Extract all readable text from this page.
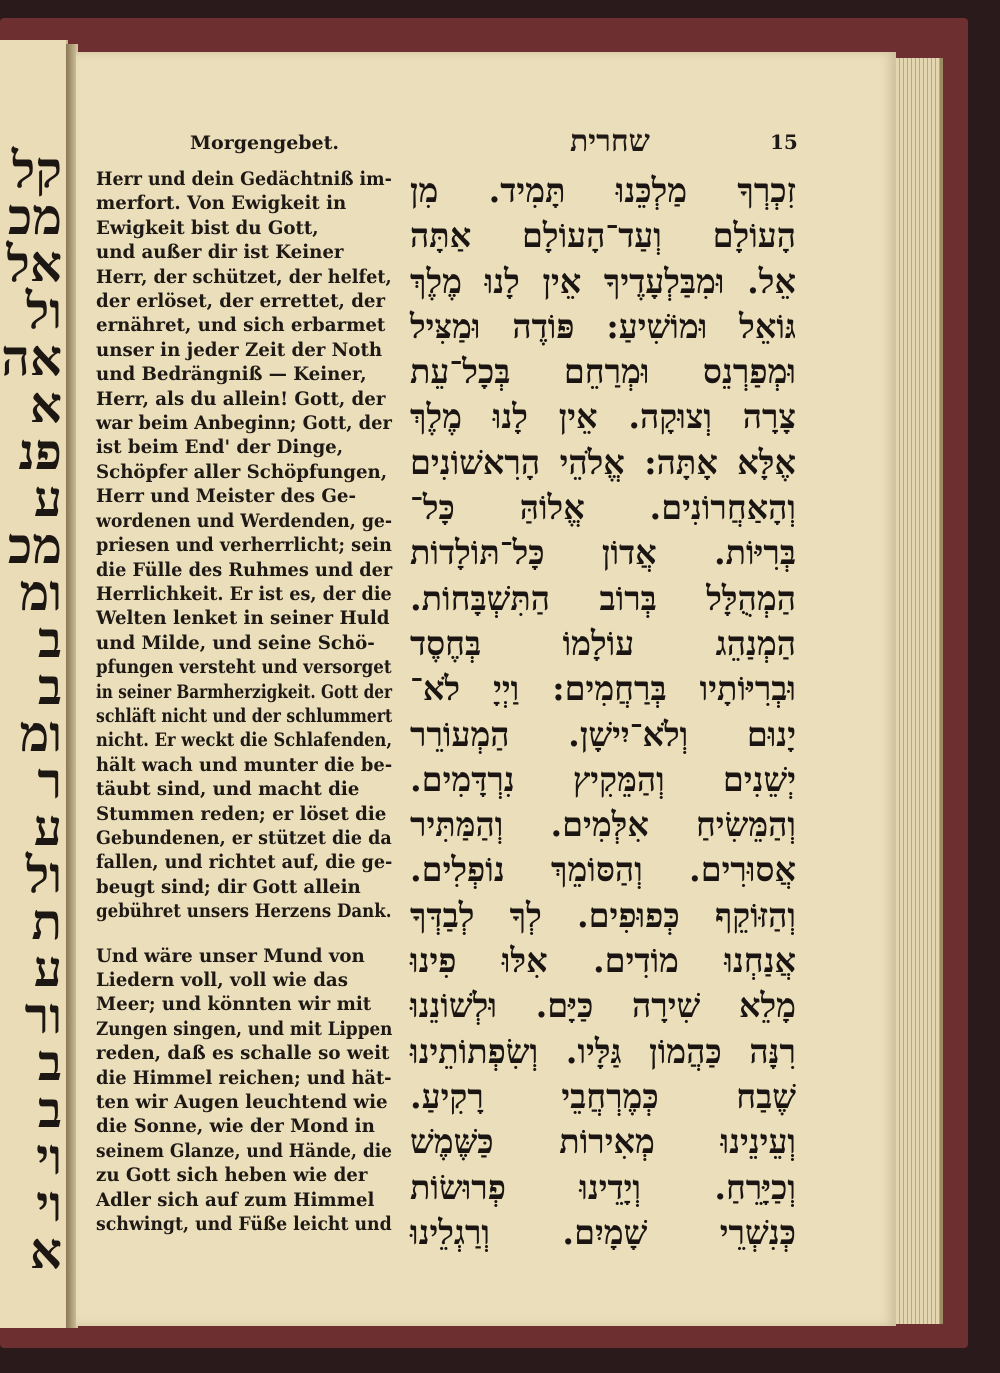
קל
מכ
אל
ול
אה
א
פנ
ע
מכ
ומ
ב
ב
ומ
ר
ע
ול
ת
ע
ור
ב
ב
וי
וי
א
Morgengebet.	שחרית	15

Herr und dein Gedächtniß im-

merfort. Von Ewigkeit in

Ewigkeit bist du Gott,

und außer dir ist Keiner

Herr, der schützet, der helfet,

der erlöset, der errettet, der

ernähret, und sich erbarmet

unser in jeder Zeit der Noth

und Bedrängniß — Keiner,

Herr, als du allein! Gott, der

war beim Anbeginn; Gott, der

ist beim End' der Dinge,

Schöpfer aller Schöpfungen,

Herr und Meister des Ge-

wordenen und Werdenden, ge-

priesen und verherrlicht; sein

die Fülle des Ruhmes und der

Herrlichkeit. Er ist es, der die

Welten lenket in seiner Huld

und Milde, und seine Schö-

pfungen versteht und versorget

in seiner Barmherzigkeit. Gott der

schläft nicht und der schlummert

nicht. Er weckt die Schlafenden,

hält wach und munter die be-

täubt sind, und macht die

Stummen reden; er löset die

Gebundenen, er stützet die da

fallen, und richtet auf, die ge-

beugt sind; dir Gott allein

gebühret unsers Herzens Dank.

Und wäre unser Mund von

Liedern voll, voll wie das

Meer; und könnten wir mit

Zungen singen, und mit Lippen

reden, daß es schalle so weit

die Himmel reichen; und hät-

ten wir Augen leuchtend wie

die Sonne, wie der Mond in

seinem Glanze, und Hände, die

zu Gott sich heben wie der

Adler sich auf zum Himmel

schwingt, und Füße leicht und

זִכְרְךָ מַלְכֵּנוּ תָּמִיד. מִן
הָעוֹלָם וְעַד־הָעוֹלָם אַתָּה
אֵל. וּמִבַּלְעָדֶיךָ אֵין לָנוּ מֶלֶךְ
גּוֹאֵל וּמוֹשִׁיעַ: פּוֹדֶה וּמַצִּיל
וּמְפַרְנֵס וּמְרַחֵם בְּכָל־עֵת
צָרָה וְצוּקָה. אֵין לָנוּ מֶלֶךְ
אֶלָּא אָתָּה: אֱלֹהֵי הָרִאשׁוֹנִים
וְהָאַחֲרוֹנִים. אֱלוֹהַּ כָּל־
בְּרִיּוֹת. אֲדוֹן כָּל־תּוֹלָדוֹת
הַמְהֻלָּל בְּרוֹב הַתִּשְׁבָּחוֹת.
הַמְנַהֵג עוֹלָמוֹ בְּחֶסֶד
וּבְרִיּוֹתָיו בְּרַחֲמִים: וַיְיָ לֹא־
יָנוּם וְלֹא־יִישָׁן. הַמְעוֹרֵר
יְשֵׁנִים וְהַמֵּקִיץ נִרְדָּמִים.
וְהַמֵּשִׂיחַ אִלְּמִים. וְהַמַּתִּיר
אֲסוּרִים. וְהַסּוֹמֵךְ נוֹפְלִים.
וְהַזּוֹקֵף כְּפוּפִים. לְךָ לְבַדְּךָ
אֲנַחְנוּ מוֹדִים. אִלּוּ פִינוּ
מָלֵא שִׁירָה כַּיָּם. וּלְשׁוֹנֵנוּ
רִנָּה כַּהֲמוֹן גַּלָּיו. וְשִׂפְתוֹתֵינוּ
שֶׁבַח כְּמֶרְחֲבֵי רָקִיעַ.
וְעֵינֵינוּ מְאִירוֹת כַּשֶּׁמֶשׁ
וְכַיָּרֵחַ. וְיָדֵינוּ פְרוּשׂוֹת
כְּנִשְׁרֵי שָׁמָיִם. וְרַגְלֵינוּ
